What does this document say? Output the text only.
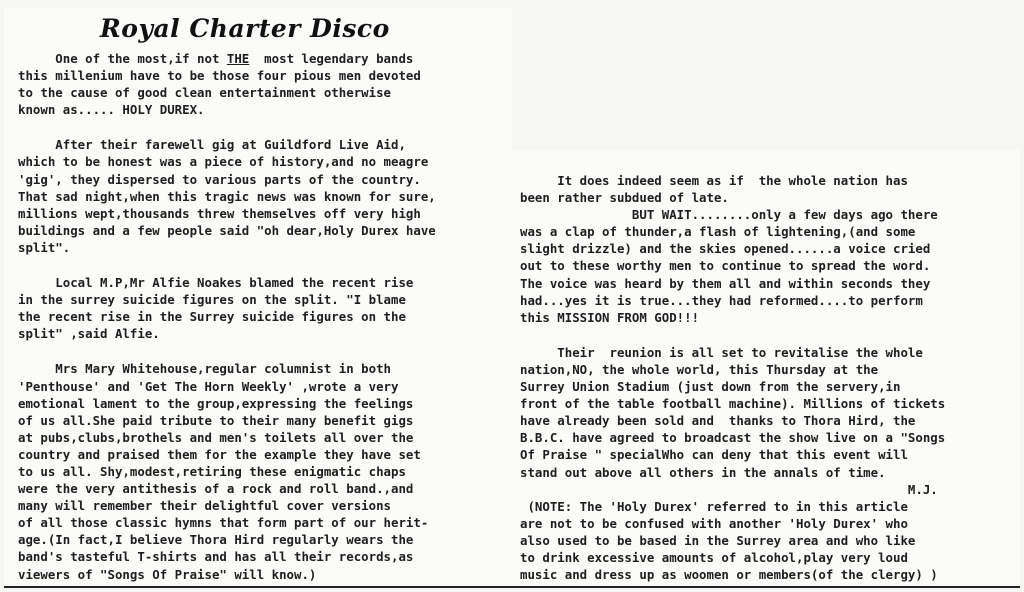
Royal Charter Disco

One of the most,if not THE  most legendary bands
this millenium have to be those four pious men devoted
to the cause of good clean entertainment otherwise
known as..... HOLY DUREX.

After their farewell gig at Guildford Live Aid,
which to be honest was a piece of history,and no meagre
'gig', they dispersed to various parts of the country.
That sad night,when this tragic news was known for sure,
millions wept,thousands threw themselves off very high
buildings and a few people said "oh dear,Holy Durex have
split".

Local M.P,Mr Alfie Noakes blamed the recent rise
in the surrey suicide figures on the split. "I blame
the recent rise in the Surrey suicide figures on the
split" ,said Alfie.

Mrs Mary Whitehouse,regular columnist in both
'Penthouse' and 'Get The Horn Weekly' ,wrote a very
emotional lament to the group,expressing the feelings
of us all.She paid tribute to their many benefit gigs
at pubs,clubs,brothels and men's toilets all over the
country and praised them for the example they have set
to us all. Shy,modest,retiring these enigmatic chaps
were the very antithesis of a rock and roll band.,and
many will remember their delightful cover versions
of all those classic hymns that form part of our herit-
age.(In fact,I believe Thora Hird regularly wears the
band's tasteful T-shirts and has all their records,as
viewers of "Songs Of Praise" will know.)

It does indeed seem as if  the whole nation has
been rather subdued of late.
BUT WAIT........only a few days ago there
was a clap of thunder,a flash of lightening,(and some
slight drizzle) and the skies opened......a voice cried
out to these worthy men to continue to spread the word.
The voice was heard by them all and within seconds they
had...yes it is true...they had reformed....to perform
this MISSION FROM GOD!!!

Their  reunion is all set to revitalise the whole
nation,NO, the whole world, this Thursday at the
Surrey Union Stadium (just down from the servery,in
front of the table football machine). Millions of tickets
have already been sold and  thanks to Thora Hird, the
B.B.C. have agreed to broadcast the show live on a "Songs
Of Praise " specialWho can deny that this event will
stand out above all others in the annals of time.
M.J.
(NOTE: The 'Holy Durex' referred to in this article
are not to be confused with another 'Holy Durex' who
also used to be based in the Surrey area and who like
to drink excessive amounts of alcohol,play very loud
music and dress up as woomen or members(of the clergy) )
